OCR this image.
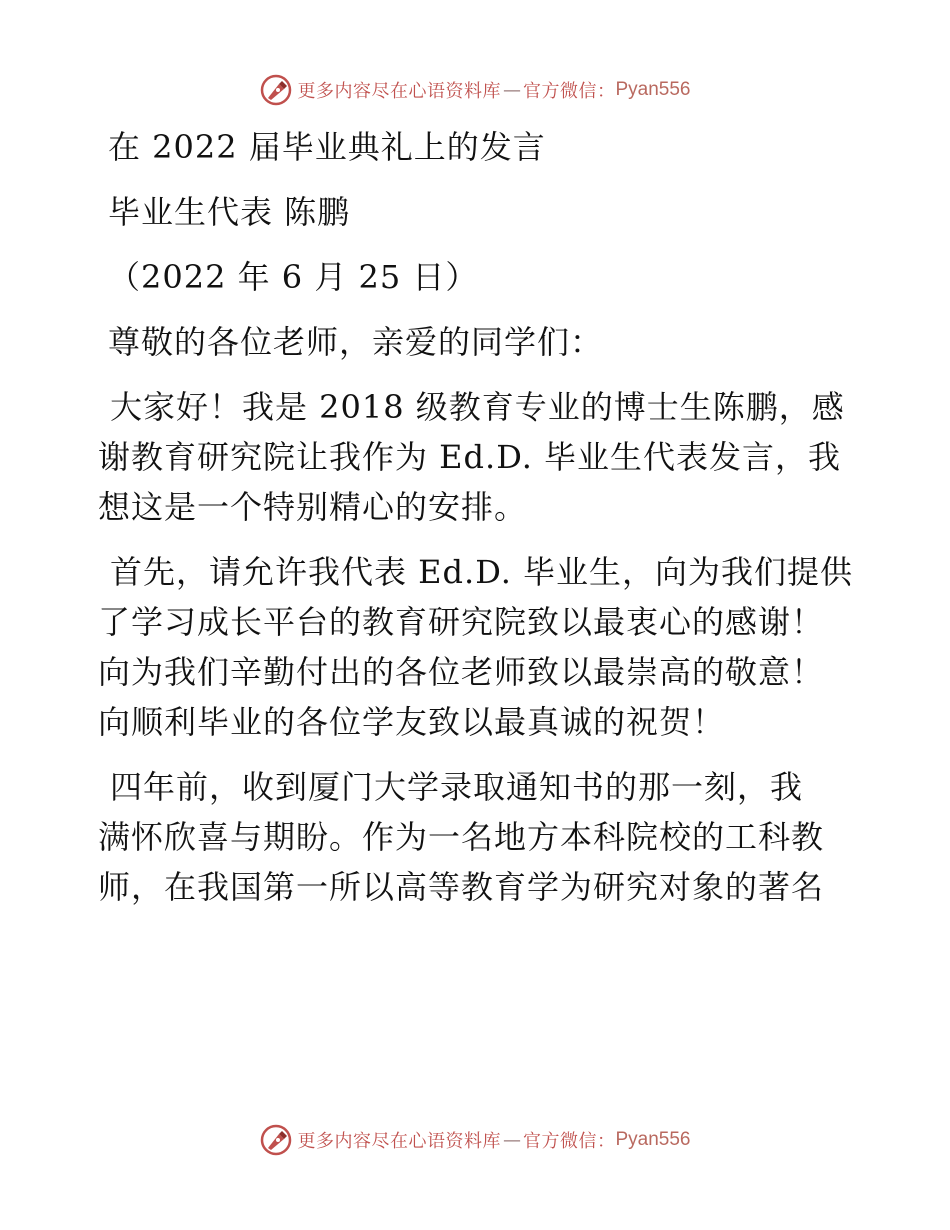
更多内容尽在心语资料库 — 官方微信： Pyan556
在 2022 届毕业典礼上的发言
毕业生代表 陈鹏
（2022 年 6 月 25 日）
尊敬的各位老师，亲爱的同学们：
大家好！我是 2018 级教育专业的博士生陈鹏，感
谢教育研究院让我作为 Ed.D. 毕业生代表发言，我
想这是一个特别精心的安排。
首先，请允许我代表 Ed.D. 毕业生，向为我们提供
了学习成长平台的教育研究院致以最衷心的感谢！
向为我们辛勤付出的各位老师致以最崇高的敬意！
向顺利毕业的各位学友致以最真诚的祝贺！
四年前，收到厦门大学录取通知书的那一刻，我
满怀欣喜与期盼。作为一名地方本科院校的工科教
师，在我国第一所以高等教育学为研究对象的著名
更多内容尽在心语资料库 — 官方微信： Pyan556
